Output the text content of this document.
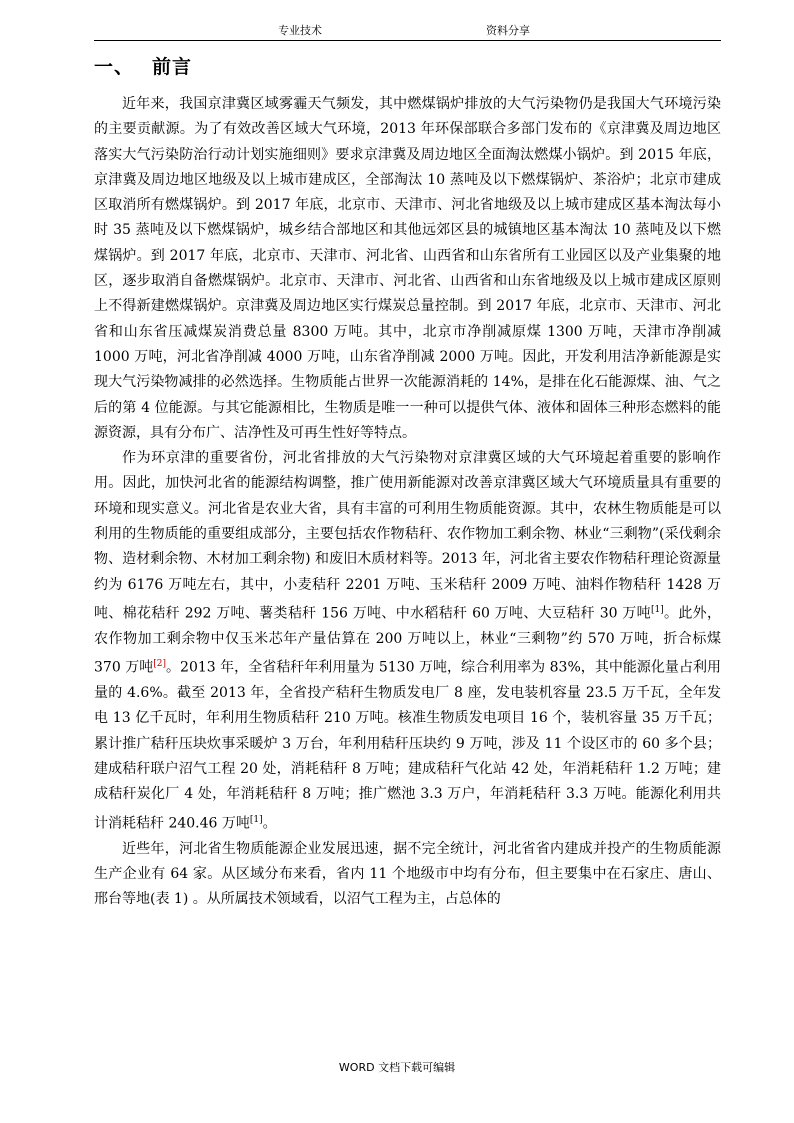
专业技术	资料分享
一、 前言

近年来，我国京津冀区域雾霾天气频发，其中燃煤锅炉排放的大气污染物仍是我国大气环境污染的主要贡献源。为了有效改善区域大气环境，2013 年环保部联合多部门发布的《京津冀及周边地区落实大气污染防治行动计划实施细则》要求京津冀及周边地区全面淘汰燃煤小锅炉。到 2015 年底，京津冀及周边地区地级及以上城市建成区，全部淘汰 10 蒸吨及以下燃煤锅炉、茶浴炉；北京市建成区取消所有燃煤锅炉。到 2017 年底，北京市、天津市、河北省地级及以上城市建成区基本淘汰每小时 35 蒸吨及以下燃煤锅炉，城乡结合部地区和其他远郊区县的城镇地区基本淘汰 10 蒸吨及以下燃煤锅炉。到 2017 年底，北京市、天津市、河北省、山西省和山东省所有工业园区以及产业集聚的地区，逐步取消自备燃煤锅炉。北京市、天津市、河北省、山西省和山东省地级及以上城市建成区原则上不得新建燃煤锅炉。京津冀及周边地区实行煤炭总量控制。到 2017 年底，北京市、天津市、河北省和山东省压减煤炭消费总量 8300 万吨。其中，北京市净削减原煤 1300 万吨，天津市净削减 1000 万吨，河北省净削减 4000 万吨，山东省净削减 2000 万吨。因此，开发利用洁净新能源是实现大气污染物减排的必然选择。生物质能占世界一次能源消耗的 14%，是排在化石能源煤、油、气之后的第 4 位能源。与其它能源相比，生物质是唯一一种可以提供气体、液体和固体三种形态燃料的能源资源，具有分布广、洁净性及可再生性好等特点。

作为环京津的重要省份，河北省排放的大气污染物对京津冀区域的大气环境起着重要的影响作用。因此，加快河北省的能源结构调整，推广使用新能源对改善京津冀区域大气环境质量具有重要的环境和现实意义。河北省是农业大省，具有丰富的可利用生物质能资源。其中，农林生物质能是可以利用的生物质能的重要组成部分，主要包括农作物秸秆、农作物加工剩余物、林业“三剩物”(采伐剩余物、造材剩余物、木材加工剩余物) 和废旧木质材料等。2013 年，河北省主要农作物秸秆理论资源量约为 6176 万吨左右，其中，小麦秸秆 2201 万吨、玉米秸秆 2009 万吨、油料作物秸秆 1428 万吨、棉花秸秆 292 万吨、薯类秸秆 156 万吨、中水稻秸秆 60 万吨、大豆秸秆 30 万吨[1]。此外，农作物加工剩余物中仅玉米芯年产量估算在 200 万吨以上，林业“三剩物”约 570 万吨，折合标煤 370 万吨[2]。2013 年，全省秸秆年利用量为 5130 万吨，综合利用率为 83%，其中能源化量占利用量的 4.6%。截至 2013 年，全省投产秸秆生物质发电厂 8 座，发电装机容量 23.5 万千瓦，全年发电 13 亿千瓦时，年利用生物质秸秆 210 万吨。核准生物质发电项目 16 个，装机容量 35 万千瓦；累计推广秸秆压块炊事采暖炉 3 万台，年利用秸秆压块约 9 万吨，涉及 11 个设区市的 60 多个县；建成秸秆联户沼气工程 20 处，消耗秸秆 8 万吨；建成秸秆气化站 42 处，年消耗秸秆 1.2 万吨；建成秸秆炭化厂 4 处，年消耗秸秆 8 万吨；推广燃池 3.3 万户，年消耗秸秆 3.3 万吨。能源化利用共计消耗秸秆 240.46 万吨[1]。

近些年，河北省生物质能源企业发展迅速，据不完全统计，河北省省内建成并投产的生物质能源生产企业有 64 家。从区域分布来看，省内 11 个地级市中均有分布，但主要集中在石家庄、唐山、邢台等地(表 1) 。从所属技术领域看，以沼气工程为主，占总体的

WORD 文档下载可编辑
